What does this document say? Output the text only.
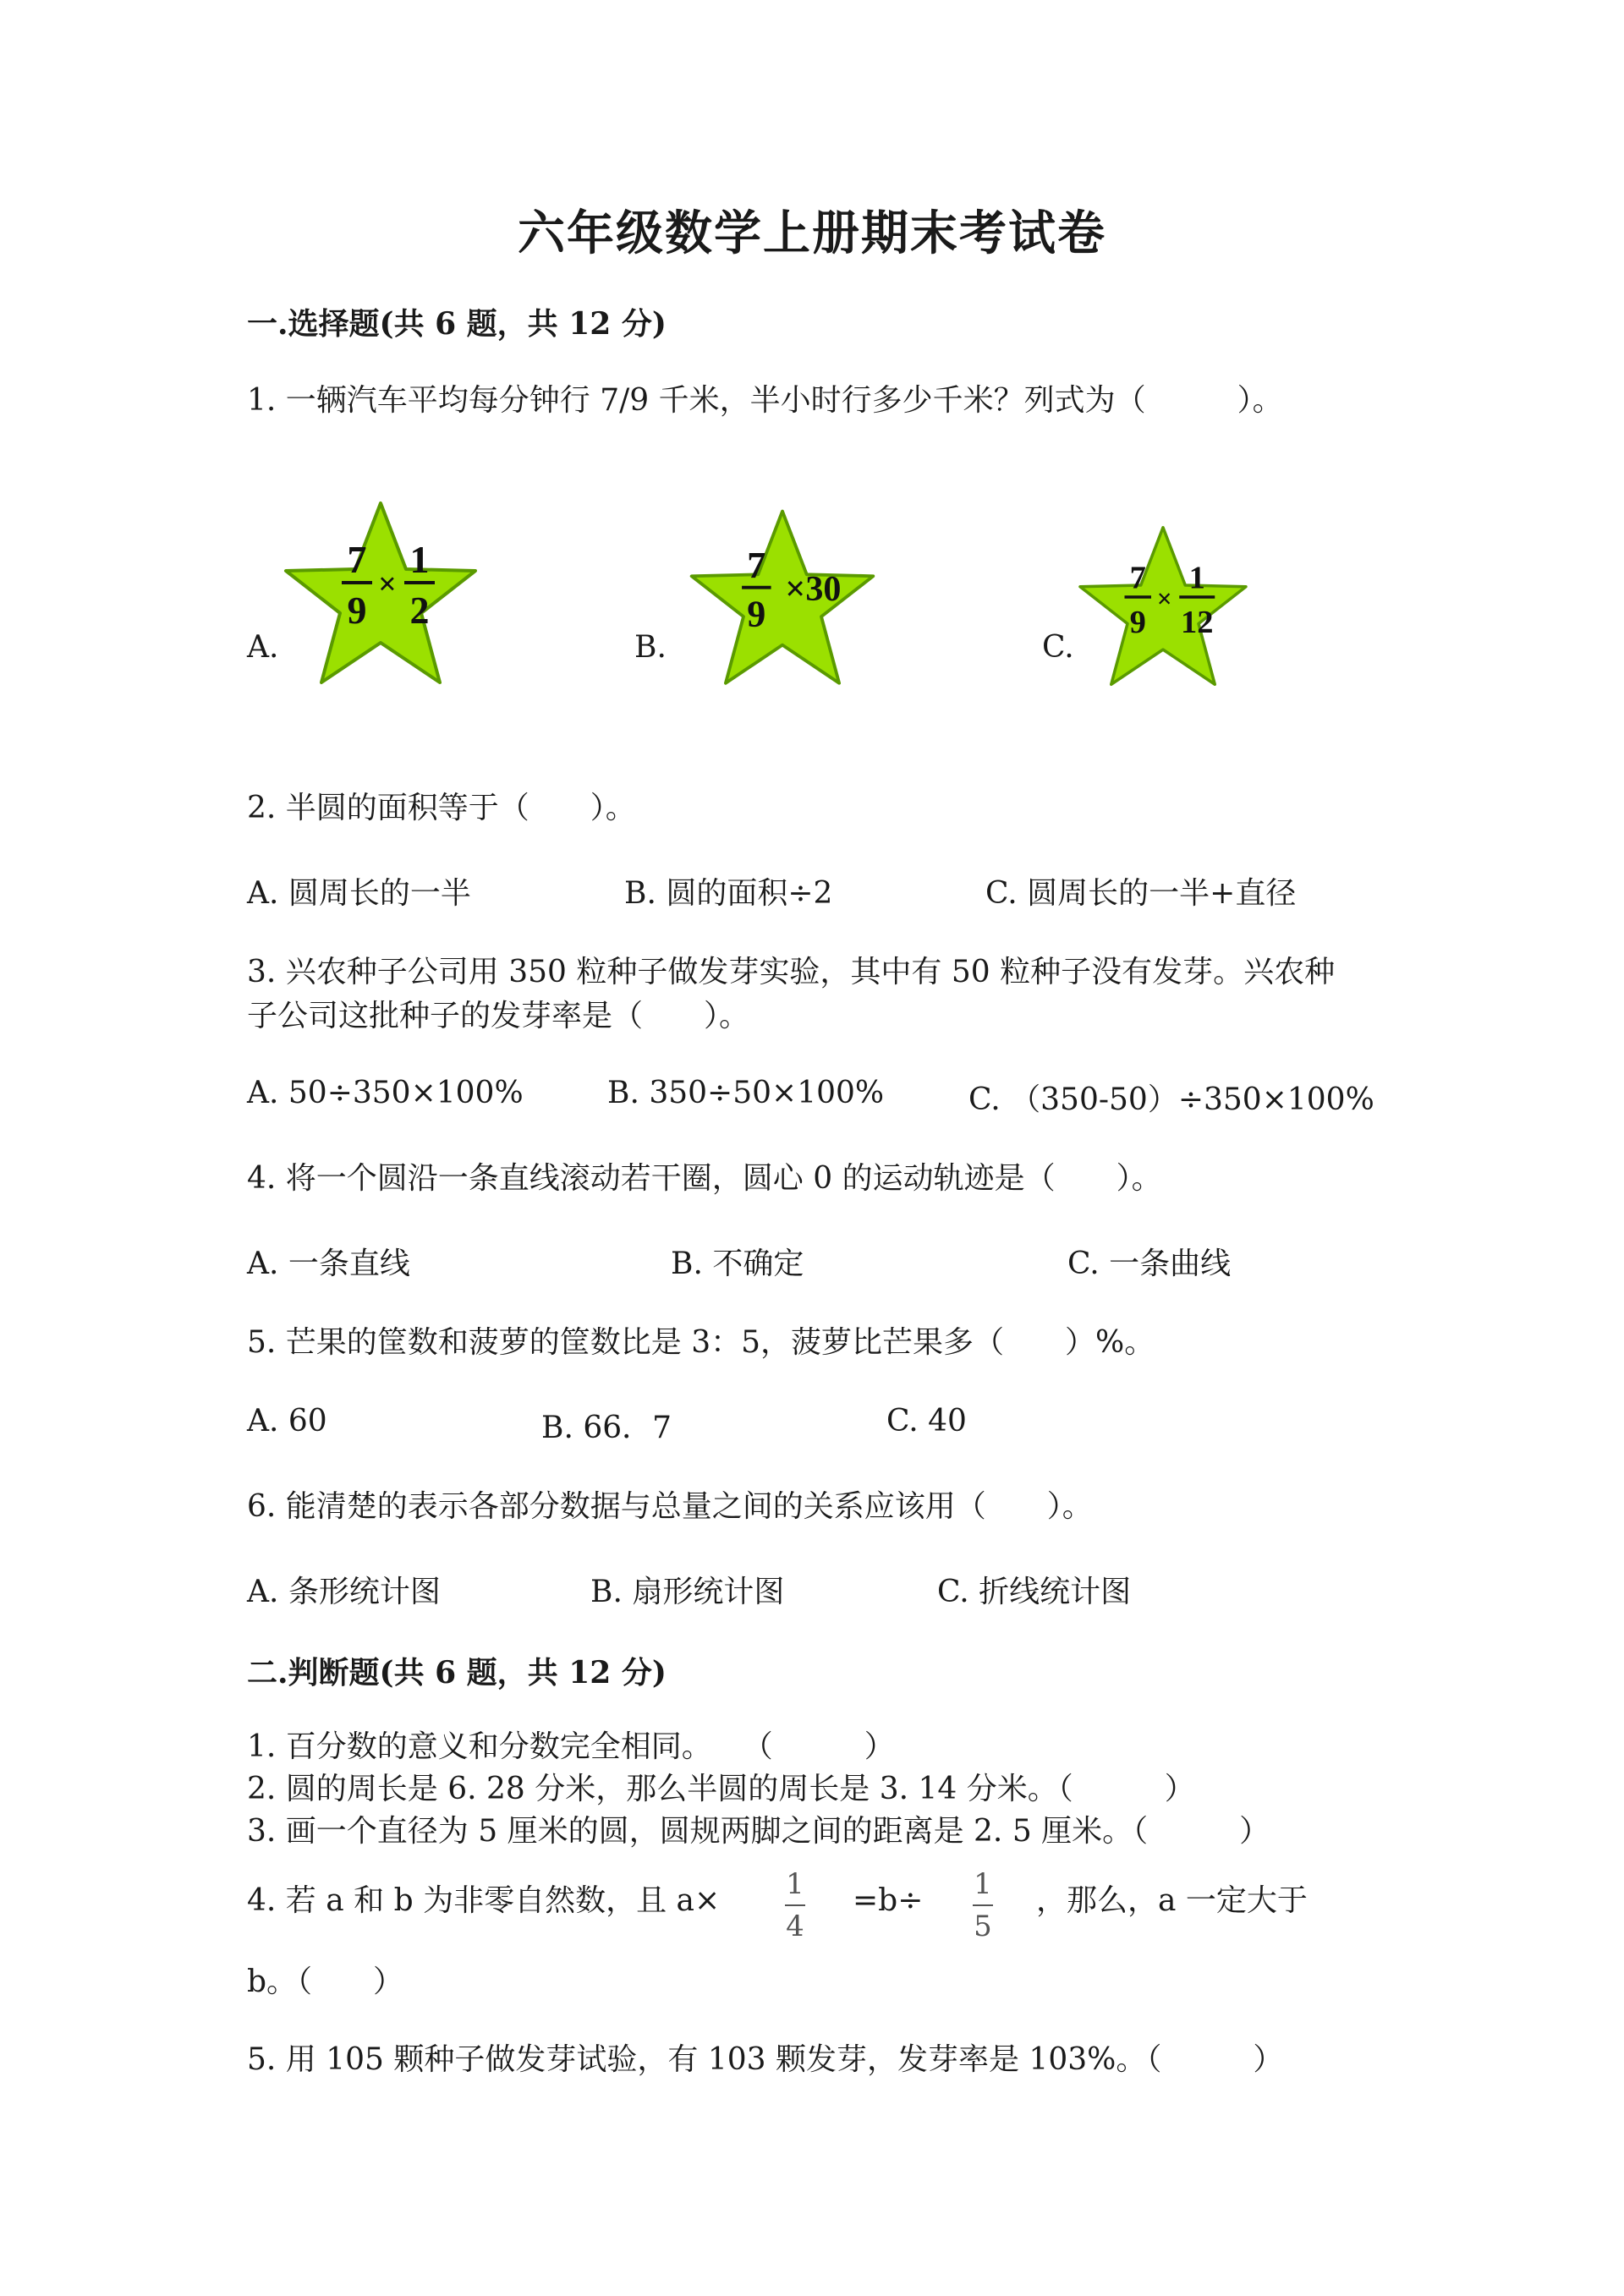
六年级数学上册期末考试卷
一.选择题(共 6 题，共 12 分)
1. 一辆汽车平均每分钟行 7/9 千米，半小时行多少千米？列式为（　　　）。
A.	B.	C.
7
9
×
1
2
7
9
×30	7
9
×
1
12
2. 半圆的面积等于（　　）。
A. 圆周长的一半	B. 圆的面积÷2	C. 圆周长的一半+直径
3. 兴农种子公司用 350 粒种子做发芽实验，其中有 50 粒种子没有发芽。兴农种
子公司这批种子的发芽率是（　　）。
A. 50÷350×100%	B. 350÷50×100%	C. （350-50）÷350×100%
4. 将一个圆沿一条直线滚动若干圈，圆心 0 的运动轨迹是（　　）。
A. 一条直线	B. 不确定	C. 一条曲线
5. 芒果的筐数和菠萝的筐数比是 3：5，菠萝比芒果多（　　）%。
A. 60	B. 66．7	C. 40
6. 能清楚的表示各部分数据与总量之间的关系应该用（　　）。
A. 条形统计图	B. 扇形统计图	C. 折线统计图
二.判断题(共 6 题，共 12 分)
1. 百分数的意义和分数完全相同。　　（　　　）
2. 圆的周长是 6. 28 分米，那么半圆的周长是 3. 14 分米。（　　　）
3. 画一个直径为 5 厘米的圆，圆规两脚之间的距离是 2. 5 厘米。（　　　）
4. 若 a 和 b 为非零自然数，且 a× 1
4
=b÷ 1
5
，那么，a 一定大于
b。（　　）
5. 用 105 颗种子做发芽试验，有 103 颗发芽，发芽率是 103%。（　　　）
